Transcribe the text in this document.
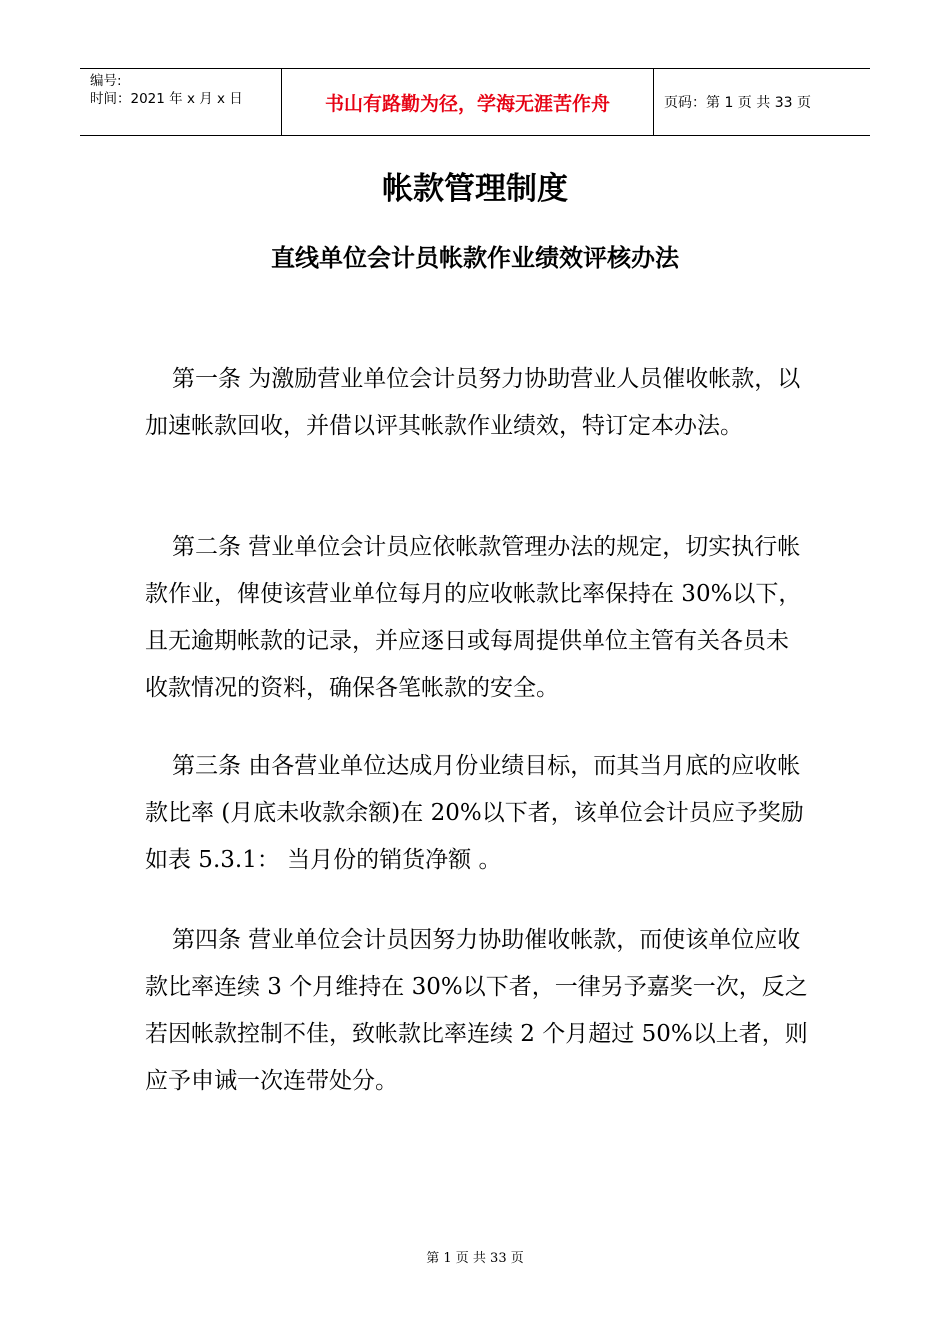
编号:
时间：2021 年 x 月 x 日	书山有路勤为径，学海无涯苦作舟	页码：第 1 页 共 33 页
帐款管理制度
直线单位会计员帐款作业绩效评核办法

第一条 为激励营业单位会计员努力协助营业人员催收帐款，以加速帐款回收，并借以评其帐款作业绩效，特订定本办法。

第二条 营业单位会计员应依帐款管理办法的规定，切实执行帐款作业，俾使该营业单位每月的应收帐款比率保持在 30%以下，且无逾期帐款的记录，并应逐日或每周提供单位主管有关各员未收款情况的资料，确保各笔帐款的安全。

第三条 由各营业单位达成月份业绩目标，而其当月底的应收帐款比率 (月底未收款余额)在 20%以下者，该单位会计员应予奖励如表 5.3.1： 当月份的销货净额 。

第四条 营业单位会计员因努力协助催收帐款，而使该单位应收款比率连续 3 个月维持在 30%以下者，一律另予嘉奖一次，反之若因帐款控制不佳，致帐款比率连续 2 个月超过 50%以上者，则应予申诫一次连带处分。

第 1 页 共 33 页
